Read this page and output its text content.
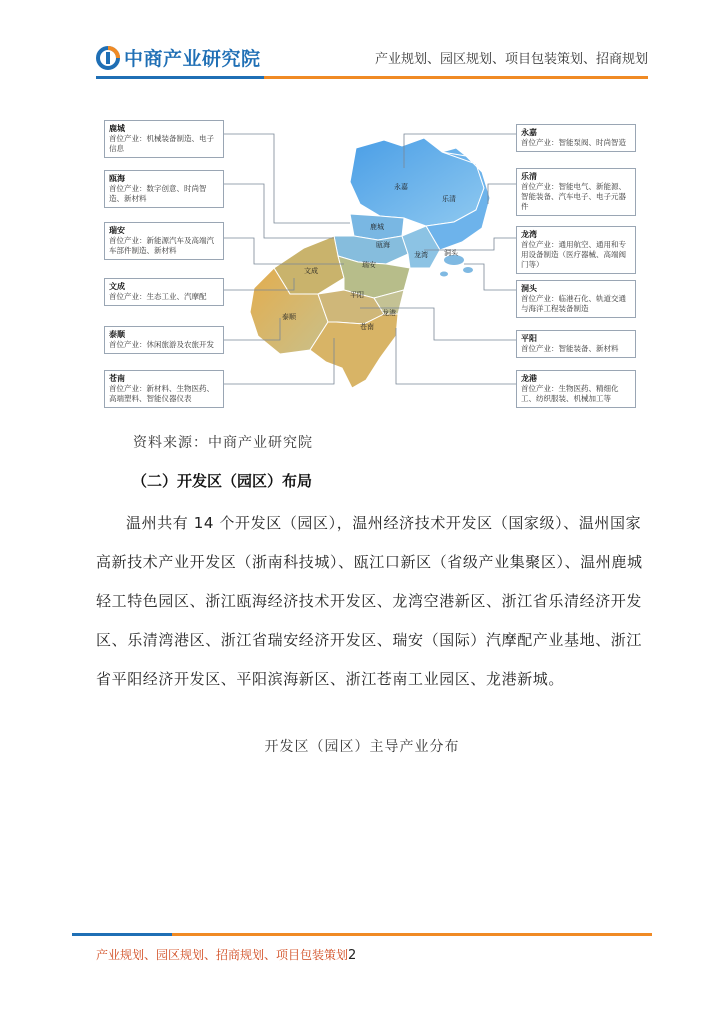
中商产业研究院	产业规划、园区规划、项目包装策划、招商规划
鹿城
首位产业：机械装备制造、电子信息
瓯海
首位产业：数字创意、时尚智造、新材料
瑞安
首位产业：新能源汽车及高端汽车部件制造、新材料
文成
首位产业：生态工业、汽摩配
泰顺
首位产业：休闲旅游及农旅开发
苍南
首位产业：新材料、生物医药、高端塑料、智能仪器仪表
永嘉
首位产业：智能泵阀、时尚智造
乐清
首位产业：智能电气、新能源、智能装备、汽车电子、电子元器件
龙湾
首位产业：通用航空、通用和专用设备制造（医疗器械、高端阀门等）
洞头
首位产业：临港石化、轨道交通与海洋工程装备制造
平阳
首位产业：智能装备、新材料
龙港
首位产业：生物医药、精细化工、纺织服装、机械加工等
永嘉
乐清
鹿城
瓯海
龙湾 洞头
文成
瑞安
平阳
泰顺	龙港
苍南
资料来源：中商产业研究院
（二）开发区（园区）布局

温州共有 14 个开发区（园区），温州经济技术开发区（国家级）、温州国家高新技术产业开发区（浙南科技城）、瓯江口新区（省级产业集聚区）、温州鹿城轻工特色园区、浙江瓯海经济技术开发区、龙湾空港新区、浙江省乐清经济开发区、乐清湾港区、浙江省瑞安经济开发区、瑞安（国际）汽摩配产业基地、浙江省平阳经济开发区、平阳滨海新区、浙江苍南工业园区、龙港新城。

开发区（园区）主导产业分布
产业规划、园区规划、招商规划、项目包装策划2
